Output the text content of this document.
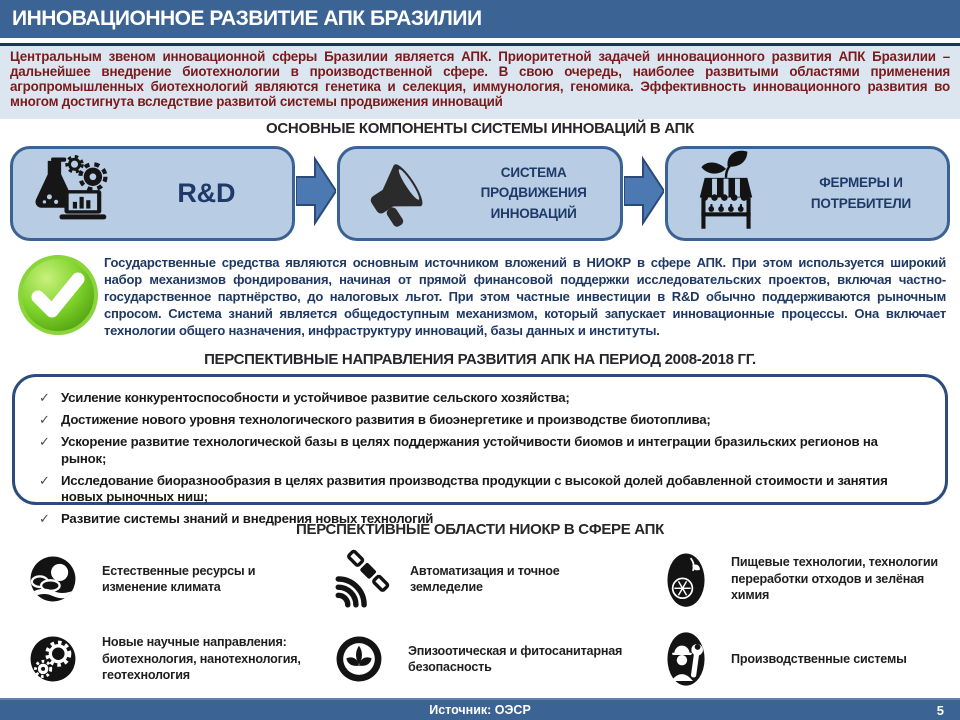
ИННОВАЦИОННОЕ РАЗВИТИЕ АПК БРАЗИЛИИ
Центральным звеном инновационной сферы Бразилии является АПК. Приоритетной задачей инновационного развития АПК Бразилии – дальнейшее внедрение биотехнологии в производственной сфере. В свою очередь, наиболее развитыми областями применения агропромышленных биотехнологий являются генетика и селекция, иммунология, геномика. Эффективность инновационного развития во многом достигнута вследствие развитой системы продвижения инноваций
ОСНОВНЫЕ КОМПОНЕНТЫ СИСТЕМЫ ИННОВАЦИЙ В АПК
R&D
СИСТЕМА ПРОДВИЖЕНИЯ ИННОВАЦИЙ
ФЕРМЕРЫ И ПОТРЕБИТЕЛИ
Государственные средства являются основным источником вложений в НИОКР в сфере АПК. При этом используется широкий набор механизмов фондирования, начиная от прямой финансовой поддержки исследовательских проектов, включая частно-государственное партнёрство, до налоговых льгот. При этом частные инвестиции в R&D обычно поддерживаются рыночным спросом. Система знаний является общедоступным механизмом, который запускает инновационные процессы. Она включает технологии общего назначения, инфраструктуру инноваций, базы данных и институты.
ПЕРСПЕКТИВНЫЕ НАПРАВЛЕНИЯ РАЗВИТИЯ АПК НА ПЕРИОД 2008-2018 ГГ.
✓ Усиление конкурентоспособности и устойчивое развитие сельского хозяйства;
✓ Достижение нового уровня технологического развития в биоэнергетике и производстве биотоплива;
✓ Ускорение развитие технологической базы в целях поддержания устойчивости биомов и интеграции бразильских регионов на рынок;
✓ Исследование биоразнообразия в целях развития производства продукции с высокой долей добавленной стоимости и занятия новых рыночных ниш;
✓ Развитие системы знаний и внедрения новых технологий
ПЕРСПЕКТИВНЫЕ ОБЛАСТИ НИОКР В СФЕРЕ АПК
Естественные ресурсы и изменение климата
Автоматизация и точное земледелие
Пищевые технологии, технологии переработки отходов и зелёная химия
Новые научные направления: биотехнология, нанотехнология, геотехнология
Эпизоотическая и фитосанитарная безопасность
Производственные системы
Источник: ОЭСР	5
